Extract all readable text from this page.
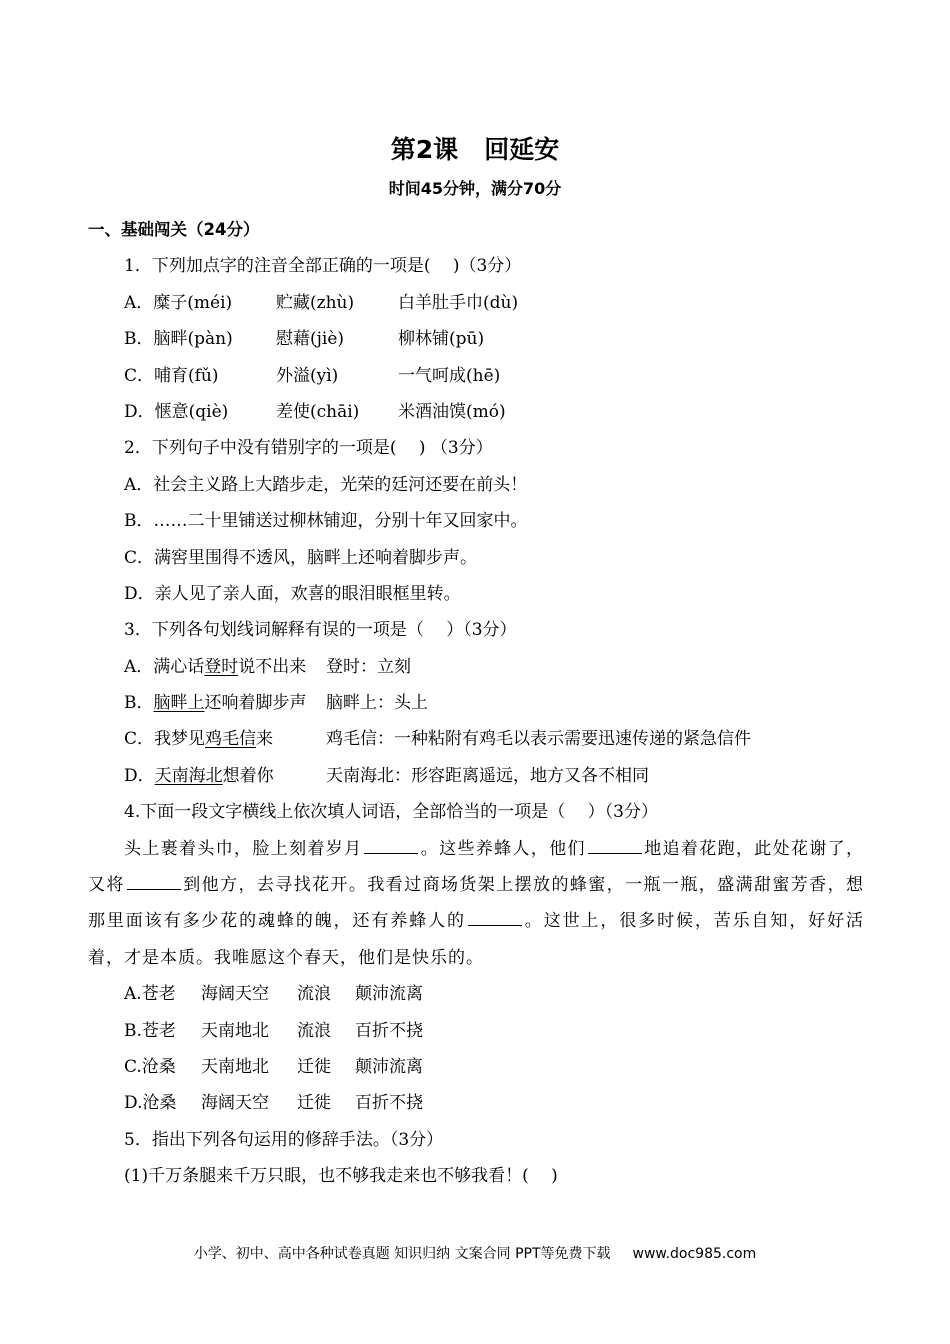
第2课 回延安
时间45分钟，满分70分
一、基础闯关（24分）
1．下列加点字的注音全部正确的一项是(　 )（3分）
A．糜子(méi)	贮藏(zhù)	白羊肚手巾(dù)
B．脑畔(pàn)	慰藉(jiè)	柳林铺(pū)
C．哺育(fǔ)	外溢(yì)	一气呵成(hē)
D．惬意(qiè)	差使(chāi) 米酒油馍(mó)
2．下列句子中没有错别字的一项是(　 ) （3分）
A．社会主义路上大踏步走，光荣的廷河还要在前头！
B．……二十里铺送过柳林铺迎，分别十年又回家中。
C．满窖里围得不透风，脑畔上还响着脚步声。
D．亲人见了亲人面，欢喜的眼泪眼框里转。
3．下列各句划线词解释有误的一项是（　 ）（3分）
A．满心话登时说不出来 登时：立刻
B．脑畔上还响着脚步声 脑畔上：头上
C．我梦见鸡毛信来	鸡毛信：一种粘附有鸡毛以表示需要迅速传递的紧急信件
D．天南海北想着你	天南海北：形容距离遥远，地方又各不相同
4.下面一段文字横线上依次填人词语，全部恰当的一项是（　 ）（3分）
头上裹着头巾，脸上刻着岁月	。这些养蜂人，他们	地追着花跑，此处花谢了，又将	到他方，去寻找花开。我看过商场货架上摆放的蜂蜜，一瓶一瓶，盛满甜蜜芳香，想那里面该有多少花的魂蜂的魄，还有养蜂人的	。这世上，很多时候，苦乐自知，好好活着，才是本质。我唯愿这个春天，他们是快乐的。
A.苍老 海阔天空 流浪 颠沛流离
B.苍老 天南地北 流浪 百折不挠
C.沧桑 天南地北 迁徙 颠沛流离
D.沧桑 海阔天空 迁徙 百折不挠
5．指出下列各句运用的修辞手法。（3分）
(1)千万条腿来千万只眼，也不够我走来也不够我看！(　 )
小学、初中、高中各种试卷真题 知识归纳 文案合同 PPT等免费下载 www.doc985.com
